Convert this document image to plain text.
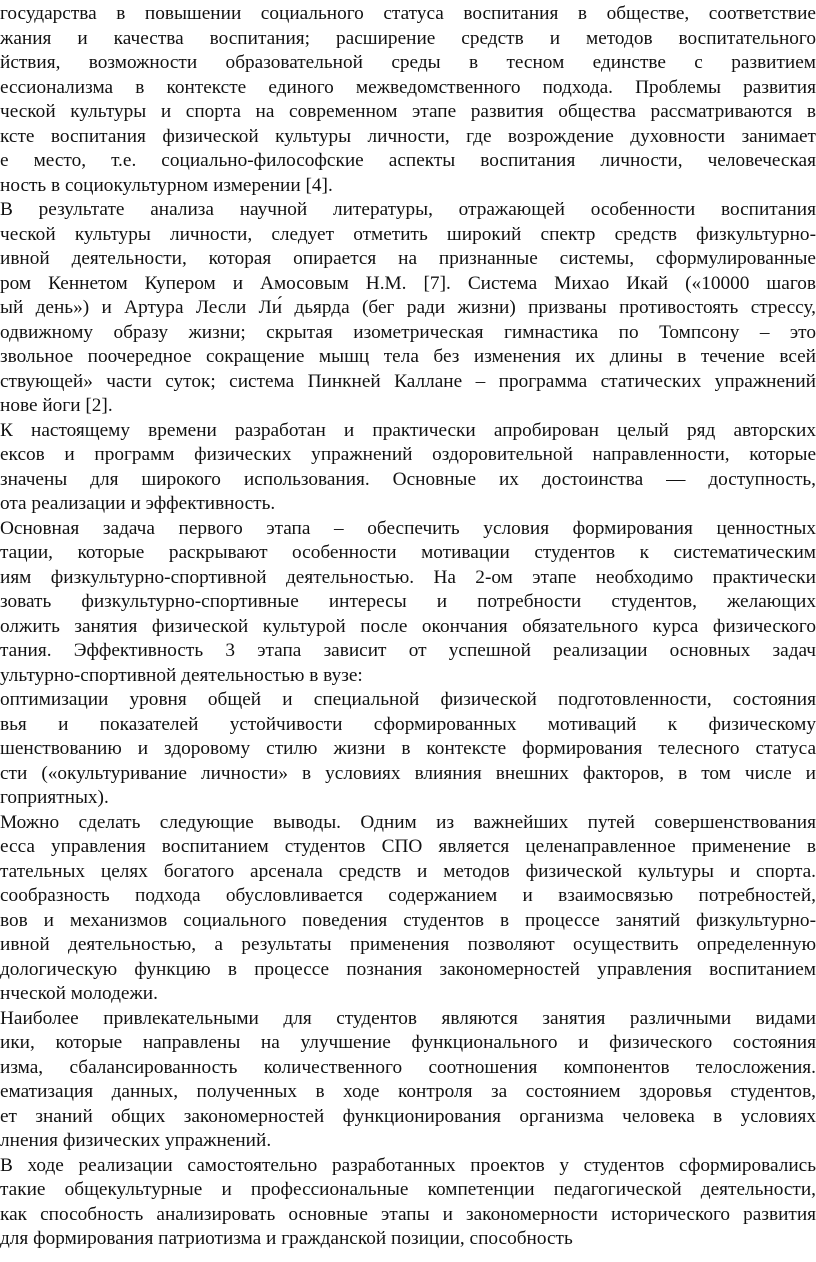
государства в повышении социального статуса воспитания в обществе, соответствие

жания и качества воспитания; расширение средств и методов воспитательного

йствия, возможности образовательной среды в тесном единстве с развитием

ессионализма в контексте единого межведомственного подхода. Проблемы развития

ческой культуры и спорта на современном этапе развития общества рассматриваются в

ксте воспитания физической культуры личности, где возрождение духовности занимает

е место, т.е. социально-философские аспекты воспитания личности, человеческая

ность в социокультурном измерении [4].

В результате анализа научной литературы, отражающей особенности воспитания

ческой культуры личности, следует отметить широкий спектр средств физкультурно-

ивной деятельности, которая опирается на признанные системы, сформулированные

ром Кеннетом Купером и Амосовым Н.М. [7]. Система Михао Икай («10000 шагов

ый день») и Артура Лесли Ли́ дьярда (бег ради жизни) призваны противостоять стрессу,

одвижному образу жизни; скрытая изометрическая гимнастика по Томпсону – это

звольное поочередное сокращение мышц тела без изменения их длины в течение всей

ствующей» части суток; система Пинкней Каллане – программа статических упражнений

нове йоги [2].

К настоящему времени разработан и практически апробирован целый ряд авторских

ексов и программ физических упражнений оздоровительной направленности, которые

значены для широкого использования. Основные их достоинства — доступность,

ота реализации и эффективность.

Основная задача первого этапа – обеспечить условия формирования ценностных

тации, которые раскрывают особенности мотивации студентов к систематическим

иям физкультурно-спортивной деятельностью. На 2-ом этапе необходимо практически

зовать физкультурно-спортивные интересы и потребности студентов, желающих

олжить занятия физической культурой после окончания обязательного курса физического

тания. Эффективность 3 этапа зависит от успешной реализации основных задач

ультурно-спортивной деятельностью в вузе:

оптимизации уровня общей и специальной физической подготовленности, состояния

вья и показателей устойчивости сформированных мотиваций к физическому

шенствованию и здоровому стилю жизни в контексте формирования телесного статуса

сти («окультуривание личности» в условиях влияния внешних факторов, в том числе и

гоприятных).

Можно сделать следующие выводы. Одним из важнейших путей совершенствования

есса управления воспитанием студентов СПО является целенаправленное применение в

тательных целях богатого арсенала средств и методов физической культуры и спорта.

сообразность подхода обусловливается содержанием и взаимосвязью потребностей,

вов и механизмов социального поведения студентов в процессе занятий физкультурно-

ивной деятельностью, а результаты применения позволяют осуществить определенную

дологическую функцию в процессе познания закономерностей управления воспитанием

нческой молодежи.

Наиболее привлекательными для студентов являются занятия различными видами

ики, которые направлены на улучшение функционального и физического состояния

изма, сбалансированность количественного соотношения компонентов телосложения.

ематизация данных, полученных в ходе контроля за состоянием здоровья студентов,

ет знаний общих закономерностей функционирования организма человека в условиях

лнения физических упражнений.

В ходе реализации самостоятельно разработанных проектов у студентов сформировались

такие общекультурные и профессиональные компетенции педагогической деятельности,

как способность анализировать основные этапы и закономерности исторического развития

для формирования патриотизма и гражданской позиции, способность
